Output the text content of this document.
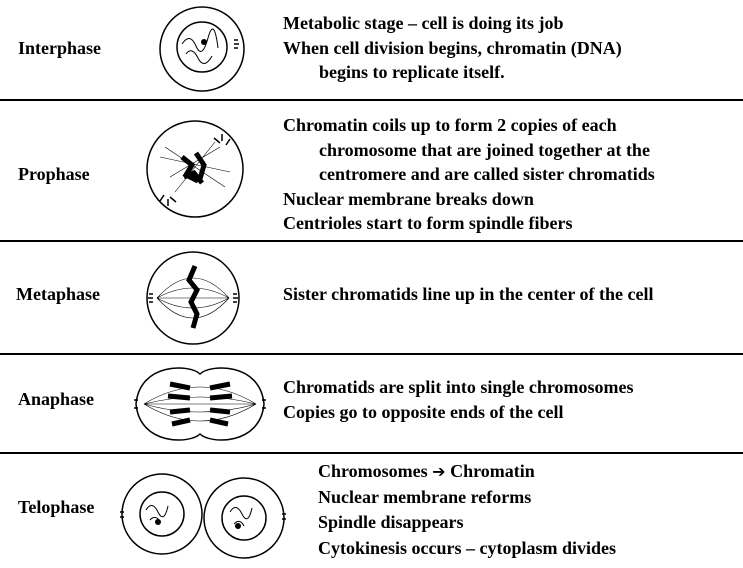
Interphase
Metabolic stage – cell is doing its job
When cell division begins, chromatin (DNA)
begins to replicate itself.
Prophase
Chromatin coils up to form 2 copies of each
chromosome that are joined together at the
centromere and are called sister chromatids
Nuclear membrane breaks down
Centrioles start to form spindle fibers
Metaphase	Sister chromatids line up in the center of the cell
Anaphase
Chromatids are split into single chromosomes
Copies go to opposite ends of the cell
Telophase
Chromosomes ➔ Chromatin
Nuclear membrane reforms
Spindle disappears
Cytokinesis occurs – cytoplasm divides
